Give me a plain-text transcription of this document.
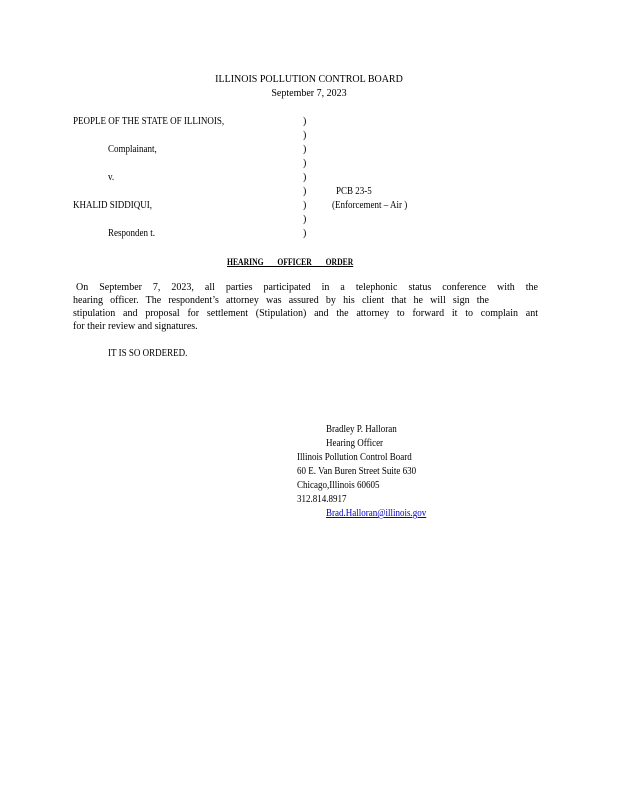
ILLINOIS POLLUTION CONTROL BOARD
September 7, 2023
PEOPLE OF THE STATE OF ILLINOIS,
Complainant,
v.
KHALID SIDDIQUI,
Responden t.
)
)
)
)
)
)
)
)
)
PCB 23-5
(Enforcement – Air )
HEARING OFFICER ORDER
On September 7, 2023, all parties participated in a telephonic status conference with the
hearing officer. The respondent’s attorney was assured by his client that he will sign the
stipulation and proposal for settlement (Stipulation) and the attorney to forward it to complain ant
for their review and signatures.
IT IS SO ORDERED.
Bradley P. Halloran
Hearing Officer
Illinois Pollution Control Board
60 E. Van Buren Street Suite 630
Chicago,Illinois 60605
312.814.8917
Brad.Halloran@illinois.gov
